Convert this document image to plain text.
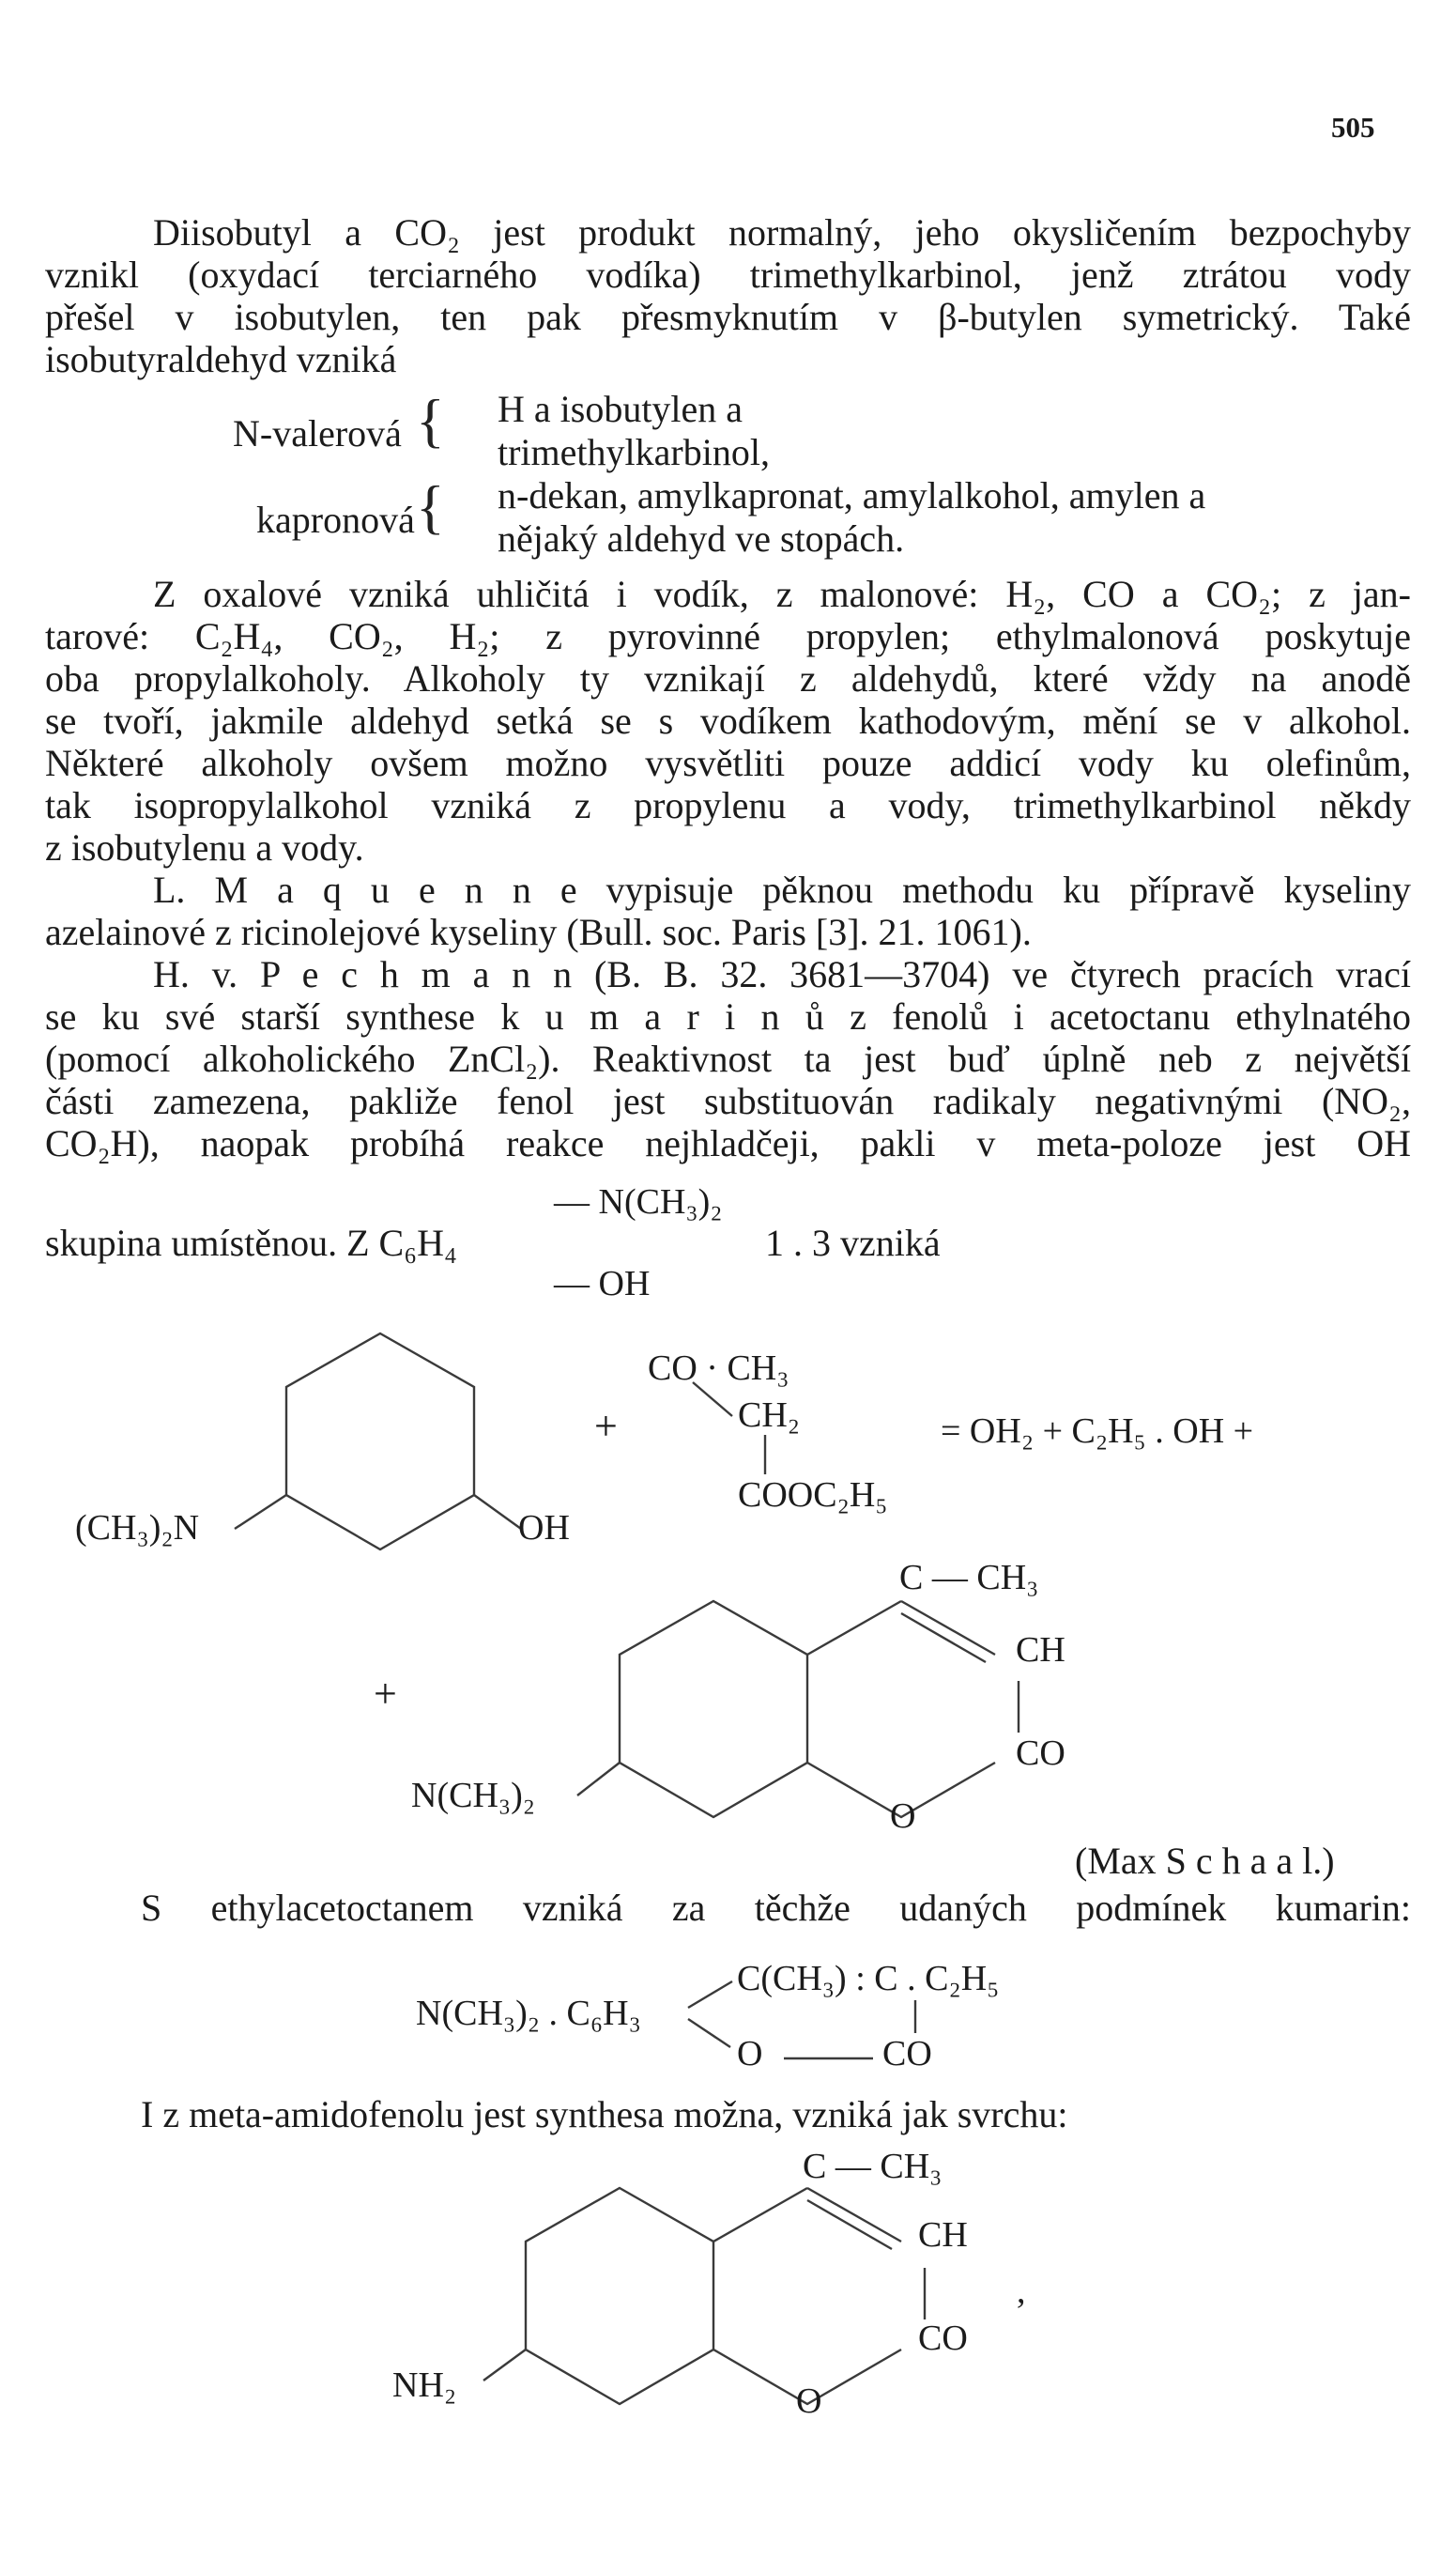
505
Diisobutyl a CO₂ jest produkt normalný, jeho okysličením bezpochyby
vznikl (oxydací terciarného vodíka) trimethylkarbinol, jenž ztrátou vody
přešel v isobutylen, ten pak přesmyknutím v β-butylen symetrický. Také
isobutyraldehyd vzniká
N-valerová { H a isobutylen a
trimethylkarbinol,
kapronová { n-dekan, amylkapronat, amylalkohol, amylen a
nějaký aldehyd ve stopách.
Z oxalové vzniká uhličitá i vodík, z malonové: H₂, CO a CO₂; z jan-
tarové: C₂H₄, CO₂, H₂; z pyrovinné propylen; ethylmalonová poskytuje
oba propylalkoholy. Alkoholy ty vznikají z aldehydů, které vždy na anodě
se tvoří, jakmile aldehyd setká se s vodíkem kathodovým, mění se v alkohol.
Některé alkoholy ovšem možno vysvětliti pouze addicí vody ku olefinům,
tak isopropylalkohol vzniká z propylenu a vody, trimethylkarbinol někdy
z isobutylenu a vody.
L. M a q u e n n e vypisuje pěknou methodu ku přípravě kyseliny
azelainové z ricinolejové kyseliny (Bull. soc. Paris [3]. 21. 1061).
H. v. P e c h m a n n (B. B. 32. 3681—3704) ve čtyrech pracích vrací
se ku své starší synthese k u m a r i n ů z fenolů i acetoctanu ethylnatého
(pomocí alkoholického ZnCl₂). Reaktivnost ta jest buď úplně neb z největší
části zamezena, pakliže fenol jest substituován radikaly negativnými (NO₂,
CO₂H), naopak probíhá reakce nejhladčeji, pakli v meta-poloze jest OH
— N(CH₃)₂
skupina umístěnou. Z C₆H₄	1 . 3 vzniká
— OH
(CH₃)₂N	OH
+
CO · CH₃
CH₂
COOC₂H₅
= OH₂ + C₂H₅ . OH +
+
C — CH₃
CH
CO
O
N(CH₃)₂
(Max S c h a a l.)
S ethylacetoctanem vzniká za těchže udaných podmínek kumarin:
N(CH₃)₂ . C₆H₃
C(CH₃) : C . C₂H₅
O	CO
I z meta-amidofenolu jest synthesa možna, vzniká jak svrchu:
C — CH₃
CH
CO
O
NH₂
,
